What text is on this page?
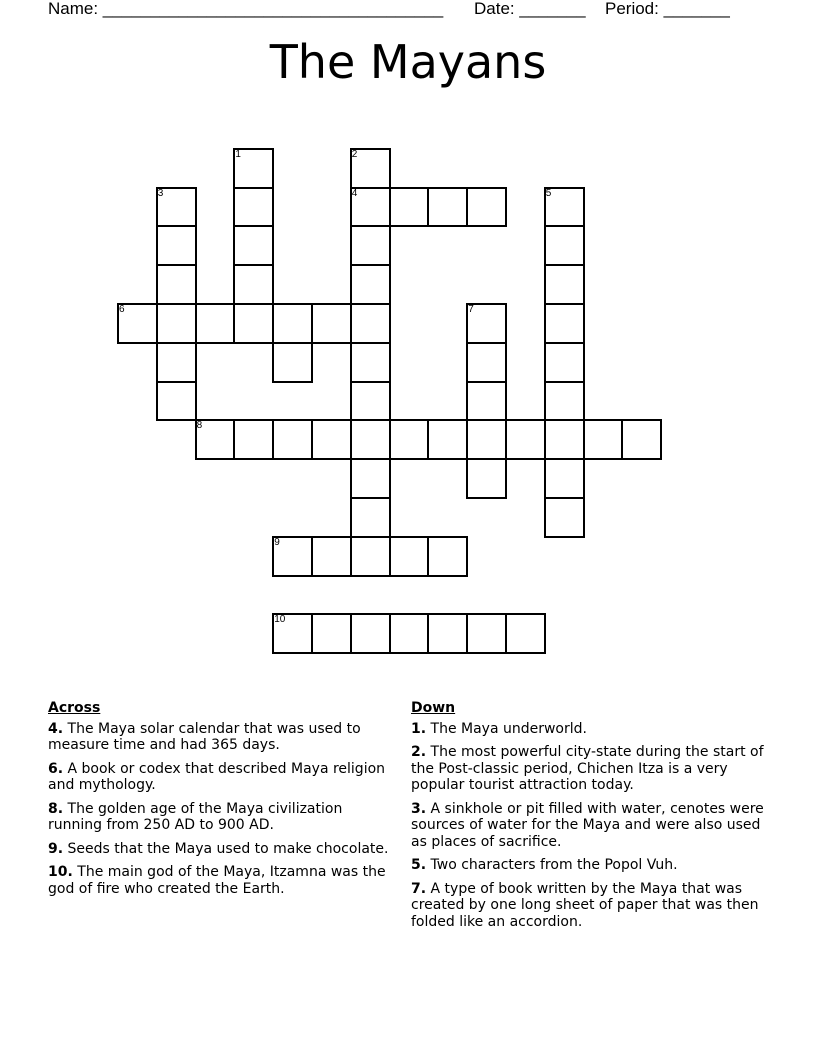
Name: ____________________________________ Date: _______ Period: _______
The Mayans
1	2
3	4	5
6	7
8
9
10
Across
4. The Maya solar calendar that was used to measure time and had 365 days.
6. A book or codex that described Maya religion and mythology.
8. The golden age of the Maya civilization running from 250 AD to 900 AD.
9. Seeds that the Maya used to make chocolate.
10. The main god of the Maya, Itzamna was the god of fire who created the Earth.
Down
1. The Maya underworld.
2. The most powerful city-state during the start of the Post-classic period, Chichen Itza is a very popular tourist attraction today.
3. A sinkhole or pit filled with water, cenotes were sources of water for the Maya and were also used as places of sacrifice.
5. Two characters from the Popol Vuh.
7. A type of book written by the Maya that was created by one long sheet of paper that was then folded like an accordion.
